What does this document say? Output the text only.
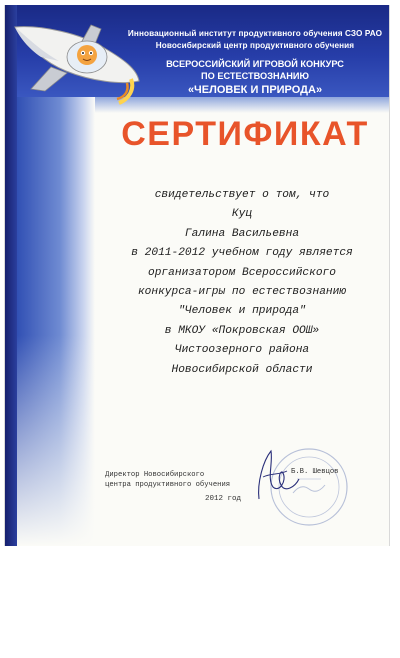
Инновационный институт продуктивного обучения СЗО РАО
Новосибирский центр продуктивного обучения
ВСЕРОССИЙСКИЙ ИГРОВОЙ КОНКУРС
ПО ЕСТЕСТВОЗНАНИЮ
«ЧЕЛОВЕК И ПРИРОДА»
СЕРТИФИКАТ
свидетельствует о том, что
Куц
Галина Васильевна
в 2011-2012 учебном году является
организатором Всероссийского
конкурса-игры по естествознанию
"Человек и природа"
в МКОУ «Покровская ООШ»
Чистоозерного района
Новосибирской области
Директор Новосибирского
центра продуктивного обучения
2012 год
Б.В. Шевцов
